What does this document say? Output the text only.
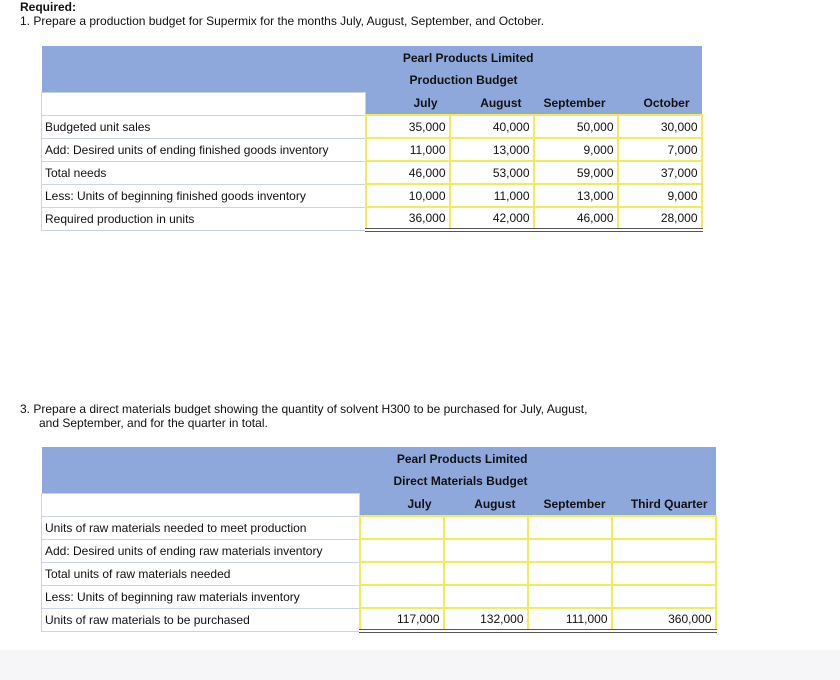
Required:
1. Prepare a production budget for Supermix for the months July, August, September, and October.
Pearl Products Limited				
Production Budget				
	July	August	September	October
Budgeted unit sales	35,000	40,000	50,000	30,000
Add: Desired units of ending finished goods inventory	11,000	13,000	9,000	7,000
Total needs	46,000	53,000	59,000	37,000
Less: Units of beginning finished goods inventory	10,000	11,000	13,000	9,000
Required production in units	36,000	42,000	46,000	28,000
3. Prepare a direct materials budget showing the quantity of solvent H300 to be purchased for July, August,
and September, and for the quarter in total.
Pearl Products Limited				
Direct Materials Budget				
	July	August	September	Third Quarter
Units of raw materials needed to meet production				
Add: Desired units of ending raw materials inventory				
Total units of raw materials needed				
Less: Units of beginning raw materials inventory				
Units of raw materials to be purchased	117,000	132,000	111,000	360,000
